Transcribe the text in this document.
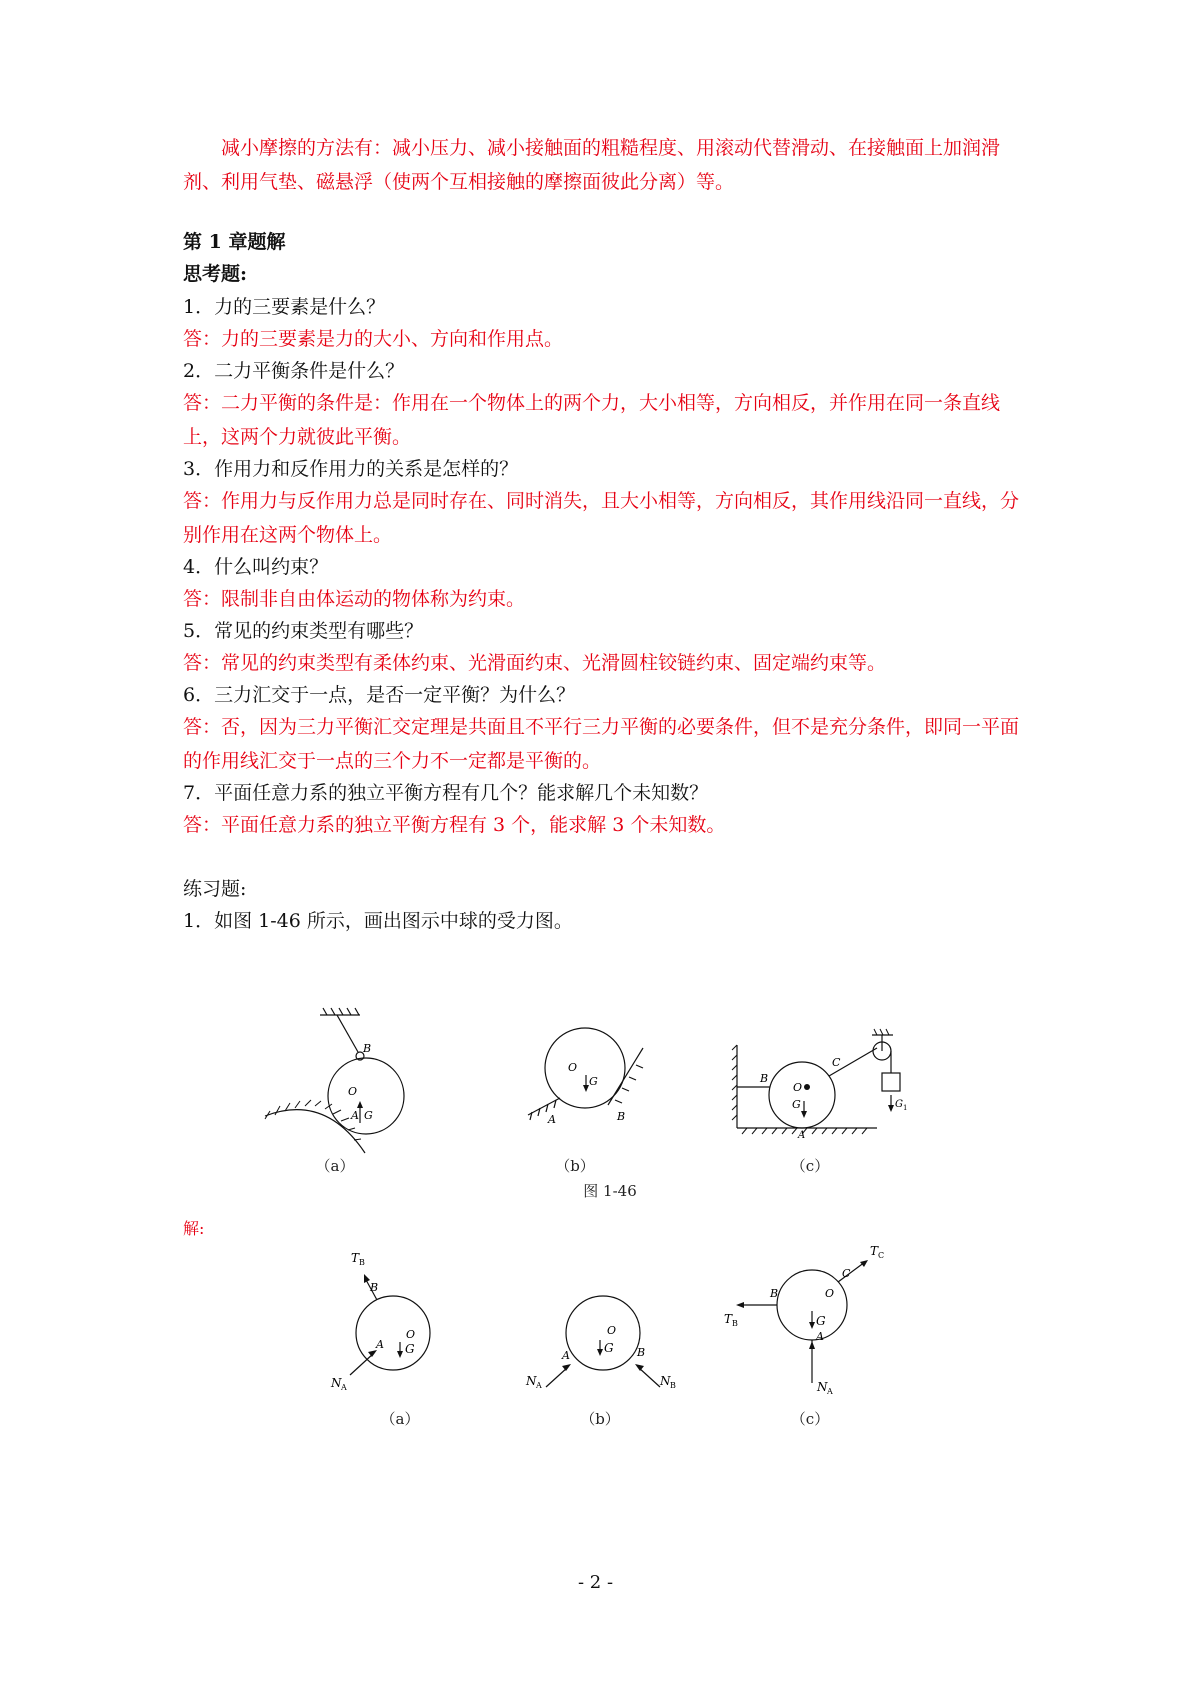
减小摩擦的方法有：减小压力、减小接触面的粗糙程度、用滚动代替滑动、在接触面上加润滑剂、利用气垫、磁悬浮（使两个互相接触的摩擦面彼此分离）等。

第 1 章题解

思考题:

1．力的三要素是什么？

答：力的三要素是力的大小、方向和作用点。

2．二力平衡条件是什么？

答：二力平衡的条件是：作用在一个物体上的两个力，大小相等，方向相反，并作用在同一条直线上，这两个力就彼此平衡。

3．作用力和反作用力的关系是怎样的？

答：作用力与反作用力总是同时存在、同时消失，且大小相等，方向相反，其作用线沿同一直线，分别作用在这两个物体上。

4．什么叫约束？

答：限制非自由体运动的物体称为约束。

5．常见的约束类型有哪些？

答：常见的约束类型有柔体约束、光滑面约束、光滑圆柱铰链约束、固定端约束等。

6．三力汇交于一点，是否一定平衡？为什么？

答：否，因为三力平衡汇交定理是共面且不平行三力平衡的必要条件，但不是充分条件，即同一平面的作用线汇交于一点的三个力不一定都是平衡的。

7．平面任意力系的独立平衡方程有几个？能求解几个未知数？

答：平面任意力系的独立平衡方程有 3 个，能求解 3 个未知数。

练习题:

1．如图 1-46 所示，画出图示中球的受力图。

O
A G
B
（a）
O
G
A	B
（b）
O
G
B
C
A
G 1
（c）
图 1-46

解:

T B
B
O
G
A
N A
（a）
O
G
A	B
N A	N B
（b）
O
G
B
C
A
T B
T C
N A
（c）
- 2 -
